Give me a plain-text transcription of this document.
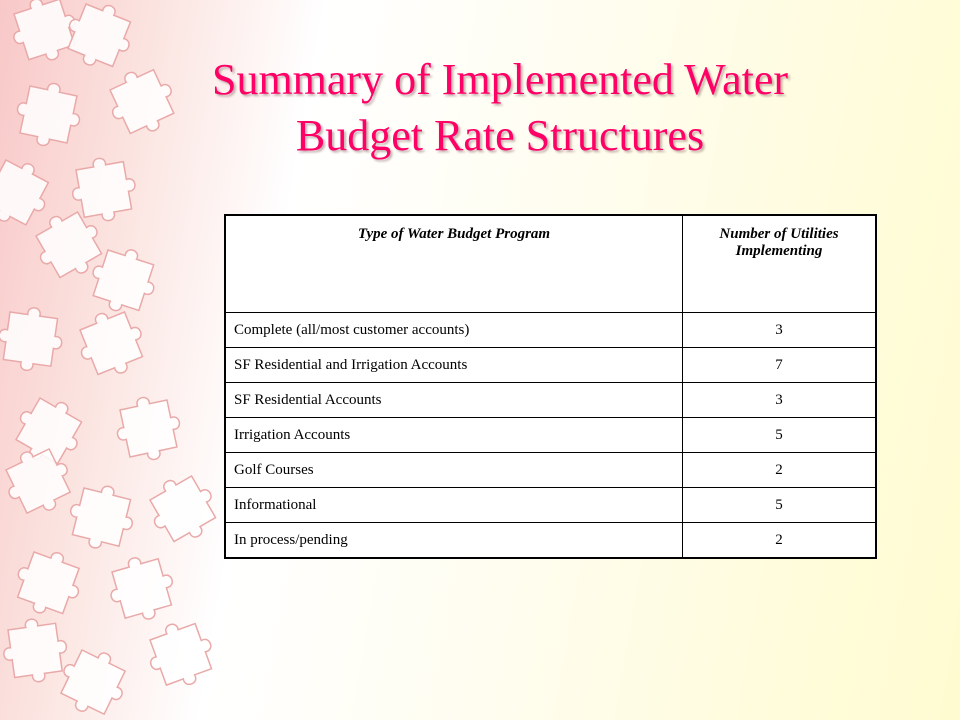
Summary of Implemented Water
Budget Rate Structures
Type of Water Budget Program	Number of Utilities
Implementing

Complete (all/most customer accounts)	3
SF Residential and Irrigation Accounts	7
SF Residential Accounts	3
Irrigation Accounts	5
Golf Courses	2
Informational	5
In process/pending	2
